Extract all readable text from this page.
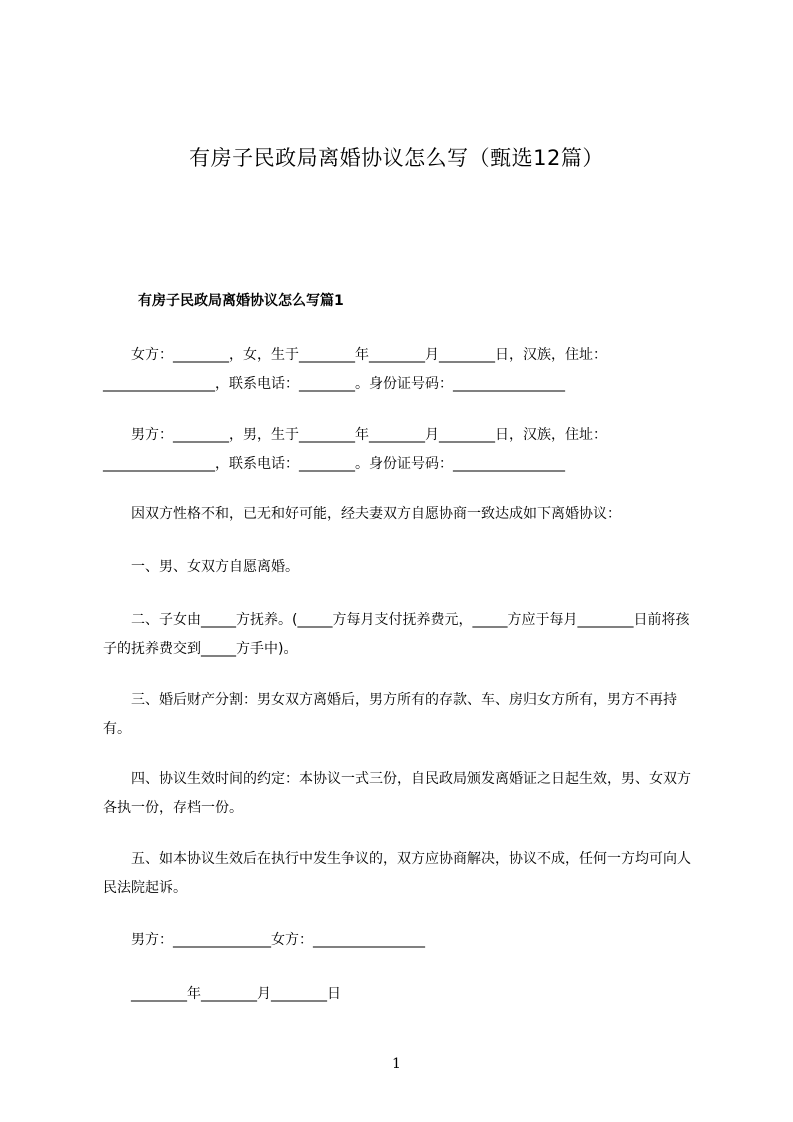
有房子民政局离婚协议怎么写（甄选12篇）
有房子民政局离婚协议怎么写篇1
　　女方：________，女，生于________年________月________日，汉族，住址：________________，联系电话：________。身份证号码：________________
　　男方：________，男，生于________年________月________日，汉族，住址：________________，联系电话：________。身份证号码：________________
　　因双方性格不和，已无和好可能，经夫妻双方自愿协商一致达成如下离婚协议：
　　一、男、女双方自愿离婚。
　　二、子女由_____方抚养。(_____方每月支付抚养费元，_____方应于每月________日前将孩子的抚养费交到_____方手中)。
　　三、婚后财产分割：男女双方离婚后，男方所有的存款、车、房归女方所有，男方不再持有。
　　四、协议生效时间的约定：本协议一式三份，自民政局颁发离婚证之日起生效，男、女双方各执一份，存档一份。
　　五、如本协议生效后在执行中发生争议的，双方应协商解决，协议不成，任何一方均可向人民法院起诉。
　　男方：______________女方：________________
　　________年________月________日
1
